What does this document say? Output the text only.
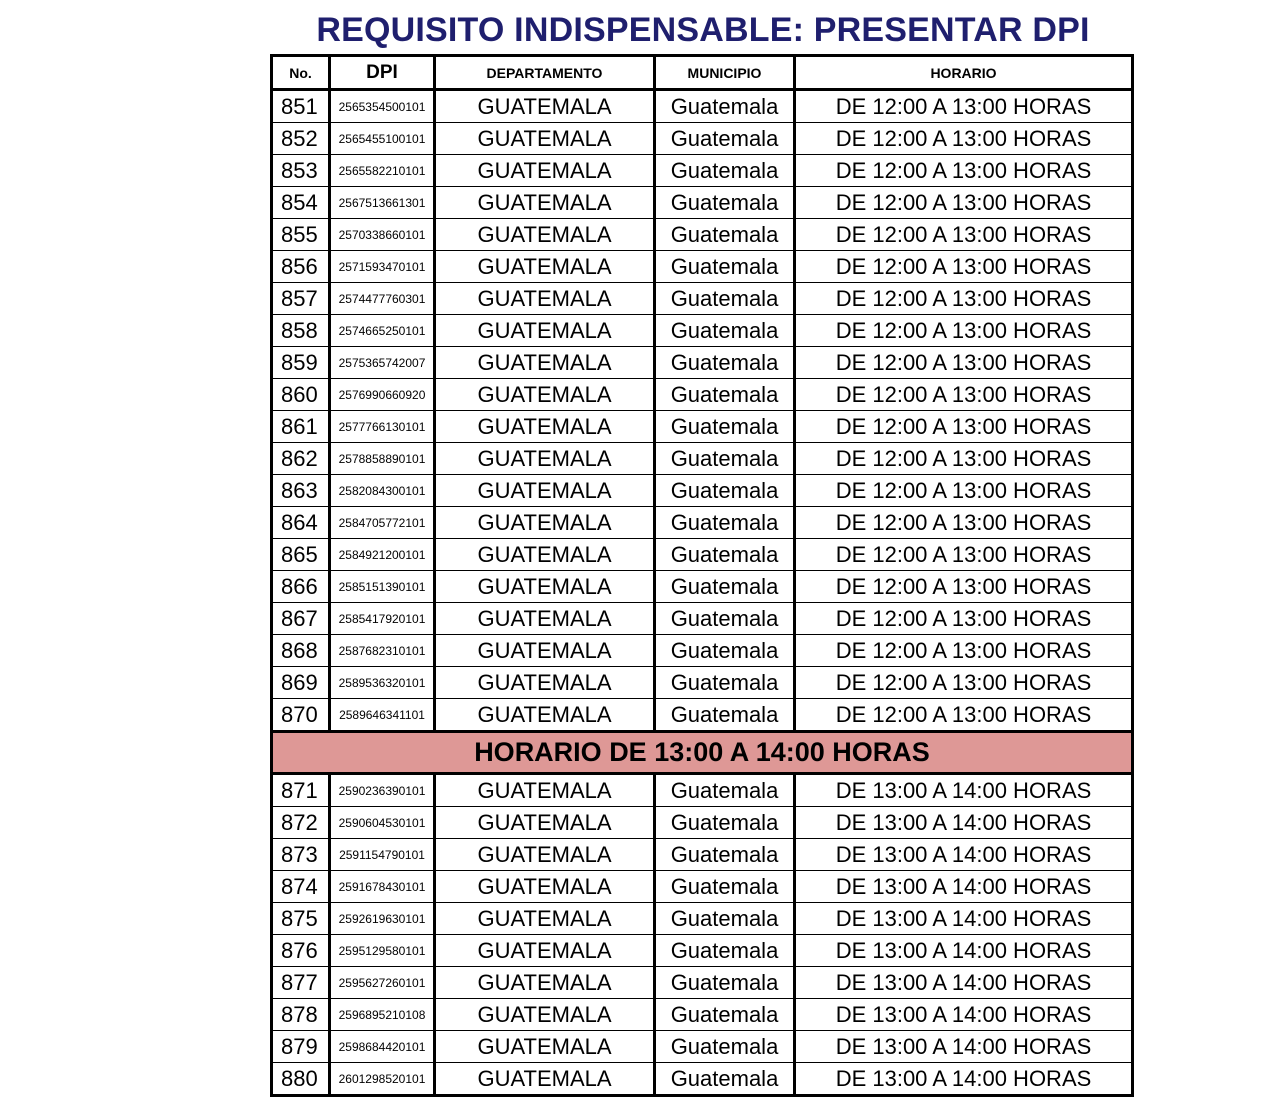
REQUISITO INDISPENSABLE: PRESENTAR DPI
No.	DPI	DEPARTAMENTO	MUNICIPIO	HORARIO
851	2565354500101	GUATEMALA	Guatemala	DE 12:00 A 13:00 HORAS
852	2565455100101	GUATEMALA	Guatemala	DE 12:00 A 13:00 HORAS
853	2565582210101	GUATEMALA	Guatemala	DE 12:00 A 13:00 HORAS
854	2567513661301	GUATEMALA	Guatemala	DE 12:00 A 13:00 HORAS
855	2570338660101	GUATEMALA	Guatemala	DE 12:00 A 13:00 HORAS
856	2571593470101	GUATEMALA	Guatemala	DE 12:00 A 13:00 HORAS
857	2574477760301	GUATEMALA	Guatemala	DE 12:00 A 13:00 HORAS
858	2574665250101	GUATEMALA	Guatemala	DE 12:00 A 13:00 HORAS
859	2575365742007	GUATEMALA	Guatemala	DE 12:00 A 13:00 HORAS
860	2576990660920	GUATEMALA	Guatemala	DE 12:00 A 13:00 HORAS
861	2577766130101	GUATEMALA	Guatemala	DE 12:00 A 13:00 HORAS
862	2578858890101	GUATEMALA	Guatemala	DE 12:00 A 13:00 HORAS
863	2582084300101	GUATEMALA	Guatemala	DE 12:00 A 13:00 HORAS
864	2584705772101	GUATEMALA	Guatemala	DE 12:00 A 13:00 HORAS
865	2584921200101	GUATEMALA	Guatemala	DE 12:00 A 13:00 HORAS
866	2585151390101	GUATEMALA	Guatemala	DE 12:00 A 13:00 HORAS
867	2585417920101	GUATEMALA	Guatemala	DE 12:00 A 13:00 HORAS
868	2587682310101	GUATEMALA	Guatemala	DE 12:00 A 13:00 HORAS
869	2589536320101	GUATEMALA	Guatemala	DE 12:00 A 13:00 HORAS
870	2589646341101	GUATEMALA	Guatemala	DE 12:00 A 13:00 HORAS
HORARIO DE 13:00 A 14:00 HORAS				
871	2590236390101	GUATEMALA	Guatemala	DE 13:00 A 14:00 HORAS
872	2590604530101	GUATEMALA	Guatemala	DE 13:00 A 14:00 HORAS
873	2591154790101	GUATEMALA	Guatemala	DE 13:00 A 14:00 HORAS
874	2591678430101	GUATEMALA	Guatemala	DE 13:00 A 14:00 HORAS
875	2592619630101	GUATEMALA	Guatemala	DE 13:00 A 14:00 HORAS
876	2595129580101	GUATEMALA	Guatemala	DE 13:00 A 14:00 HORAS
877	2595627260101	GUATEMALA	Guatemala	DE 13:00 A 14:00 HORAS
878	2596895210108	GUATEMALA	Guatemala	DE 13:00 A 14:00 HORAS
879	2598684420101	GUATEMALA	Guatemala	DE 13:00 A 14:00 HORAS
880	2601298520101	GUATEMALA	Guatemala	DE 13:00 A 14:00 HORAS
